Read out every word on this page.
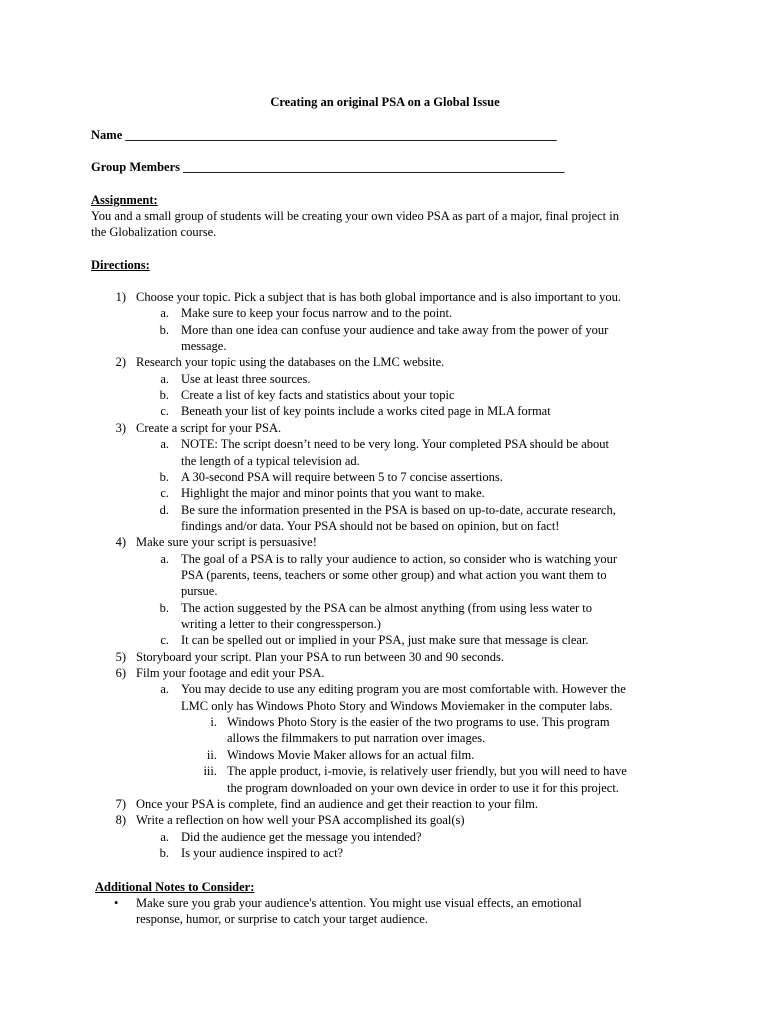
Creating an original PSA on a Global Issue
Name _____________________________________________________________________
Group Members _____________________________________________________________
Assignment:
You and a small group of students will be creating your own video PSA as part of a major, final project in
the Globalization course.
Directions:
1) Choose your topic. Pick a subject that is has both global importance and is also important to you.
a. Make sure to keep your focus narrow and to the point.
b. More than one idea can confuse your audience and take away from the power of your
message.
2) Research your topic using the databases on the LMC website.
a. Use at least three sources.
b. Create a list of key facts and statistics about your topic
c. Beneath your list of key points include a works cited page in MLA format
3) Create a script for your PSA.
a. NOTE: The script doesn’t need to be very long. Your completed PSA should be about
the length of a typical television ad.
b. A 30-second PSA will require between 5 to 7 concise assertions.
c. Highlight the major and minor points that you want to make.
d. Be sure the information presented in the PSA is based on up-to-date, accurate research,
findings and/or data. Your PSA should not be based on opinion, but on fact!
4) Make sure your script is persuasive!
a. The goal of a PSA is to rally your audience to action, so consider who is watching your
PSA (parents, teens, teachers or some other group) and what action you want them to
pursue.
b. The action suggested by the PSA can be almost anything (from using less water to
writing a letter to their congressperson.)
c. It can be spelled out or implied in your PSA, just make sure that message is clear.
5) Storyboard your script. Plan your PSA to run between 30 and 90 seconds.
6) Film your footage and edit your PSA.
a. You may decide to use any editing program you are most comfortable with. However the
LMC only has Windows Photo Story and Windows Moviemaker in the computer labs.
i. Windows Photo Story is the easier of the two programs to use. This program
allows the filmmakers to put narration over images.
ii. Windows Movie Maker allows for an actual film.
iii. The apple product, i-movie, is relatively user friendly, but you will need to have
the program downloaded on your own device in order to use it for this project.
7) Once your PSA is complete, find an audience and get their reaction to your film.
8) Write a reflection on how well your PSA accomplished its goal(s)
a. Did the audience get the message you intended?
b. Is your audience inspired to act?
Additional Notes to Consider:
• Make sure you grab your audience's attention. You might use visual effects, an emotional
response, humor, or surprise to catch your target audience.
